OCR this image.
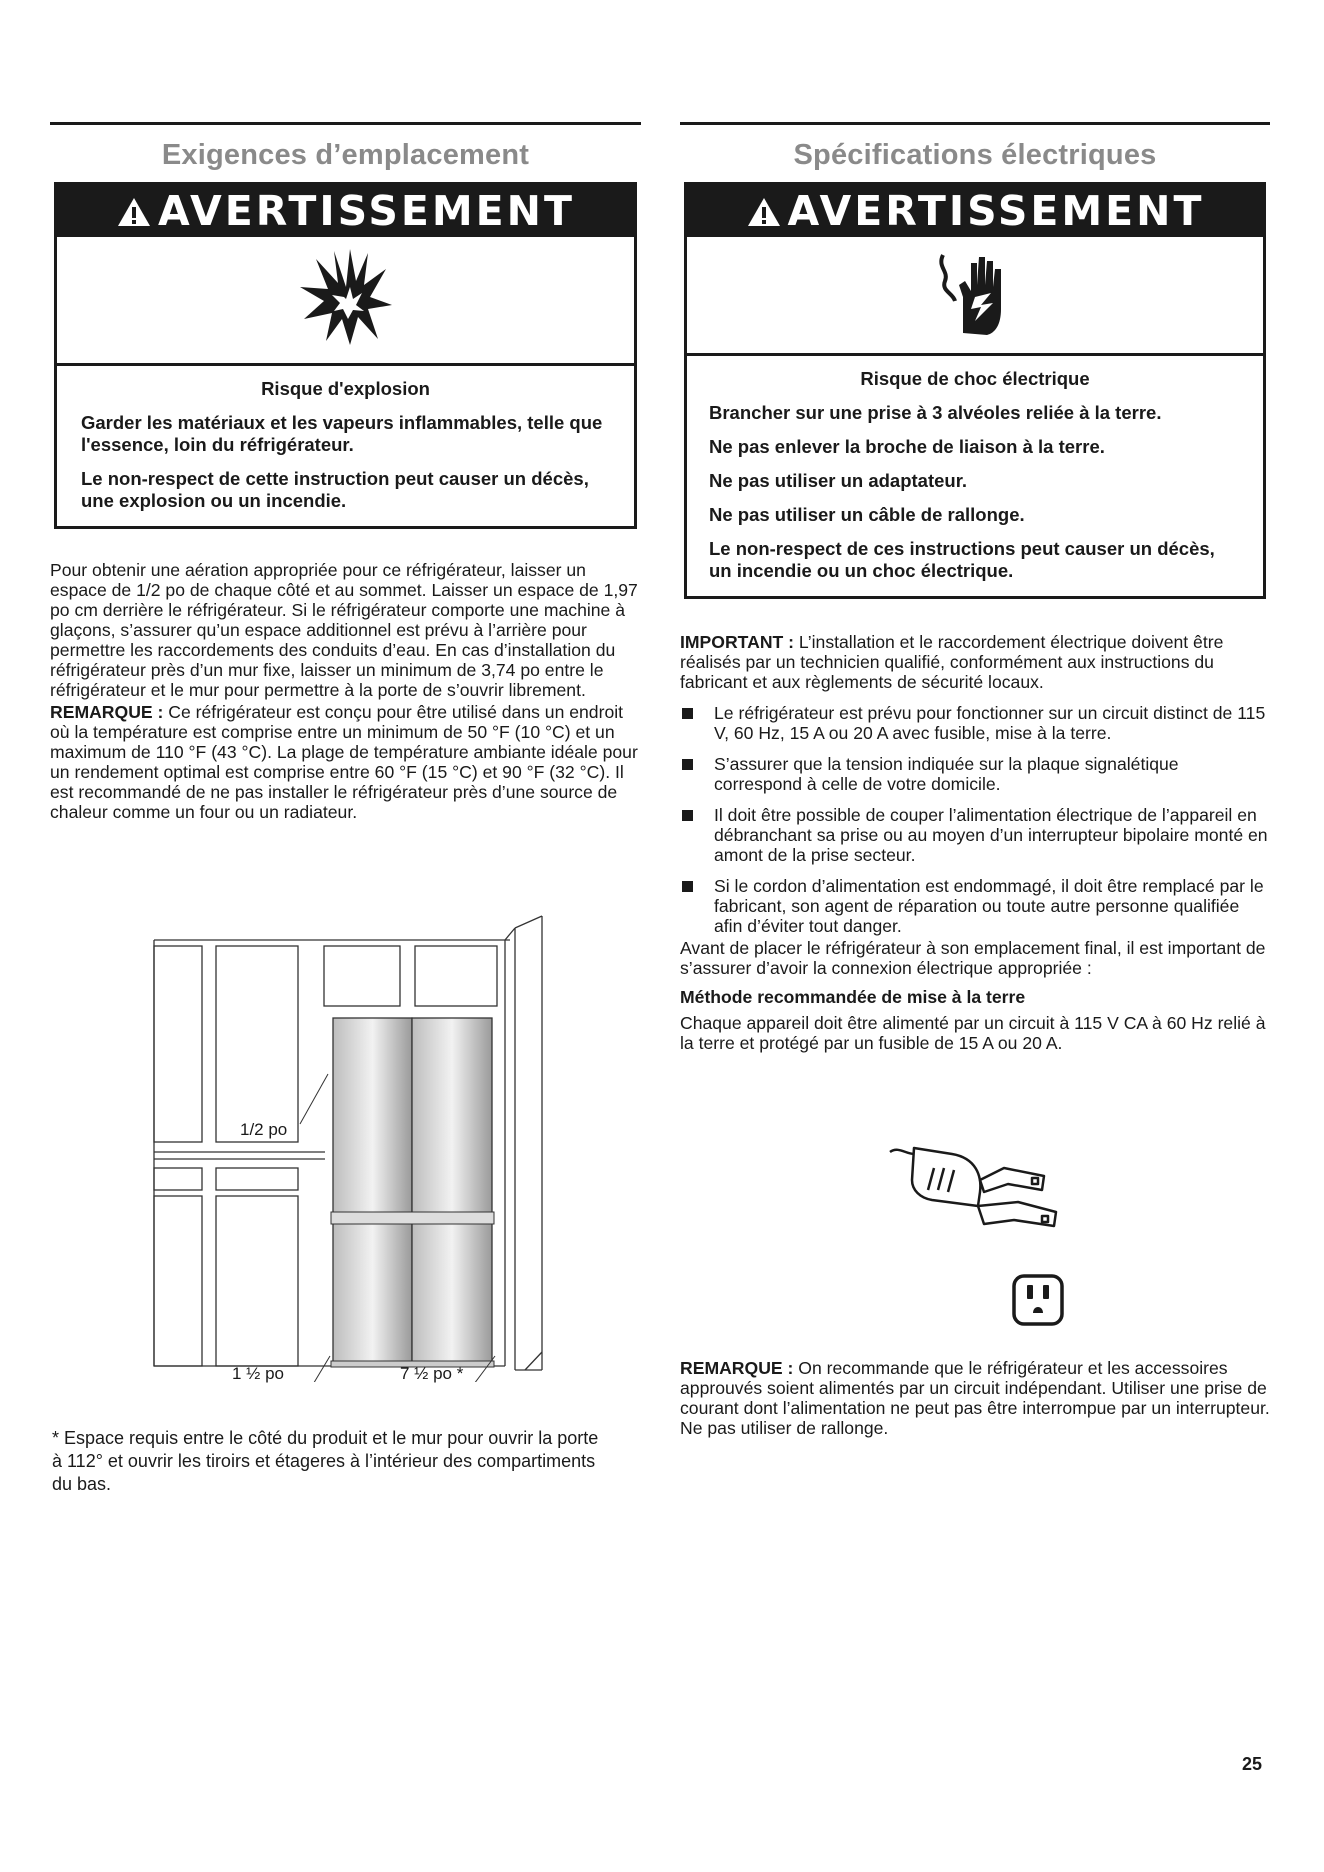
Exigences d’emplacement
AVERTISSEMENT
Risque d'explosion

Garder les matériaux et les vapeurs inflammables, telle que l'essence, loin du réfrigérateur.

Le non-respect de cette instruction peut causer un décès, une explosion ou un incendie.

Pour obtenir une aération appropriée pour ce réfrigérateur, laisser un espace de 1/2 po de chaque côté et au sommet. Laisser un espace de 1,97 po cm derrière le réfrigérateur. Si le réfrigérateur comporte une machine à glaçons, s’assurer qu’un espace additionnel est prévu à l’arrière pour permettre les raccordements des conduits d’eau. En cas d’installation du réfrigérateur près d’un mur fixe, laisser un minimum de 3,74 po entre le réfrigérateur et le mur pour permettre à la porte de s’ouvrir librement.

REMARQUE : Ce réfrigérateur est conçu pour être utilisé dans un endroit où la température est comprise entre un minimum de 50 °F (10 °C) et un maximum de 110 °F (43 °C). La plage de température ambiante idéale pour un rendement optimal est comprise entre 60 °F (15 °C) et 90 °F (32 °C). Il est recommandé de ne pas installer le réfrigérateur près d’une source de chaleur comme un four ou un radiateur.

1/2 po
1 ½ po	7 ½ po *
* Espace requis entre le côté du produit et le mur pour ouvrir la porte à 112° et ouvrir les tiroirs et étageres à l’intérieur des compartiments du bas.
Spécifications électriques
AVERTISSEMENT
Risque de choc électrique

Brancher sur une prise à 3 alvéoles reliée à la terre.

Ne pas enlever la broche de liaison à la terre.

Ne pas utiliser un adaptateur.

Ne pas utiliser un câble de rallonge.

Le non-respect de ces instructions peut causer un décès, un incendie ou un choc électrique.

IMPORTANT : L’installation et le raccordement électrique doivent être réalisés par un technicien qualifié, conformément aux instructions du fabricant et aux règlements de sécurité locaux.

Le réfrigérateur est prévu pour fonctionner sur un circuit distinct de 115 V, 60 Hz, 15 A ou 20 A avec fusible, mise à la terre.
S’assurer que la tension indiquée sur la plaque signalétique correspond à celle de votre domicile.
Il doit être possible de couper l’alimentation électrique de l’appareil en débranchant sa prise ou au moyen d’un interrupteur bipolaire monté en amont de la prise secteur.
Si le cordon d’alimentation est endommagé, il doit être remplacé par le fabricant, son agent de réparation ou toute autre personne qualifiée afin d’éviter tout danger.

Avant de placer le réfrigérateur à son emplacement final, il est important de s’assurer d’avoir la connexion électrique appropriée :

Méthode recommandée de mise à la terre

Chaque appareil doit être alimenté par un circuit à 115 V CA à 60 Hz relié à la terre et protégé par un fusible de 15 A ou 20 A.

REMARQUE : On recommande que le réfrigérateur et les accessoires approuvés soient alimentés par un circuit indépendant. Utiliser une prise de courant dont l’alimentation ne peut pas être interrompue par un interrupteur. Ne pas utiliser de rallonge.
25
